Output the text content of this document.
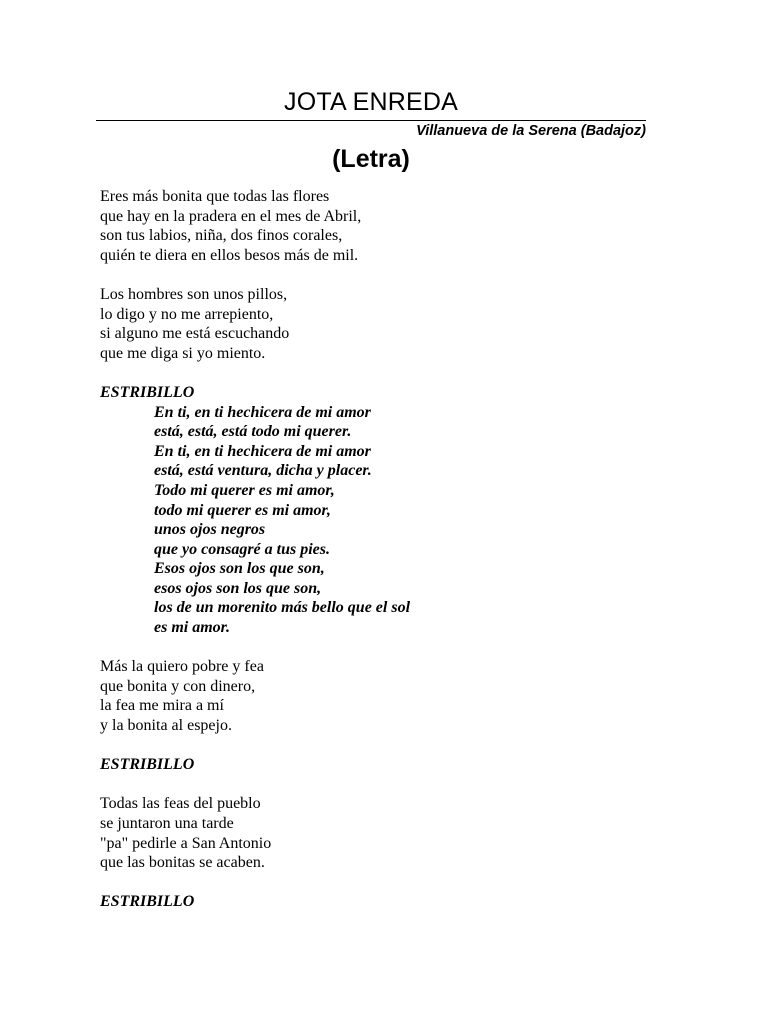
JOTA ENREDA
Villanueva de la Serena (Badajoz)
(Letra)
Eres más bonita que todas las flores
que hay en la pradera en el mes de Abril,
son tus labios, niña, dos finos corales,
quién te diera en ellos besos más de mil.
Los hombres son unos pillos,
lo digo y no me arrepiento,
si alguno me está escuchando
que me diga si yo miento.
ESTRIBILLO
En ti, en ti hechicera de mi amor
está, está, está todo mi querer.
En ti, en ti hechicera de mi amor
está, está ventura, dicha y placer.
Todo mi querer es mi amor,
todo mi querer es mi amor,
unos ojos negros
que yo consagré a tus pies.
Esos ojos son los que son,
esos ojos son los que son,
los de un morenito más bello que el sol
es mi amor.
Más la quiero pobre y fea
que bonita y con dinero,
la fea me mira a mí
y la bonita al espejo.
ESTRIBILLO
Todas las feas del pueblo
se juntaron una tarde
"pa" pedirle a San Antonio
que las bonitas se acaben.
ESTRIBILLO
